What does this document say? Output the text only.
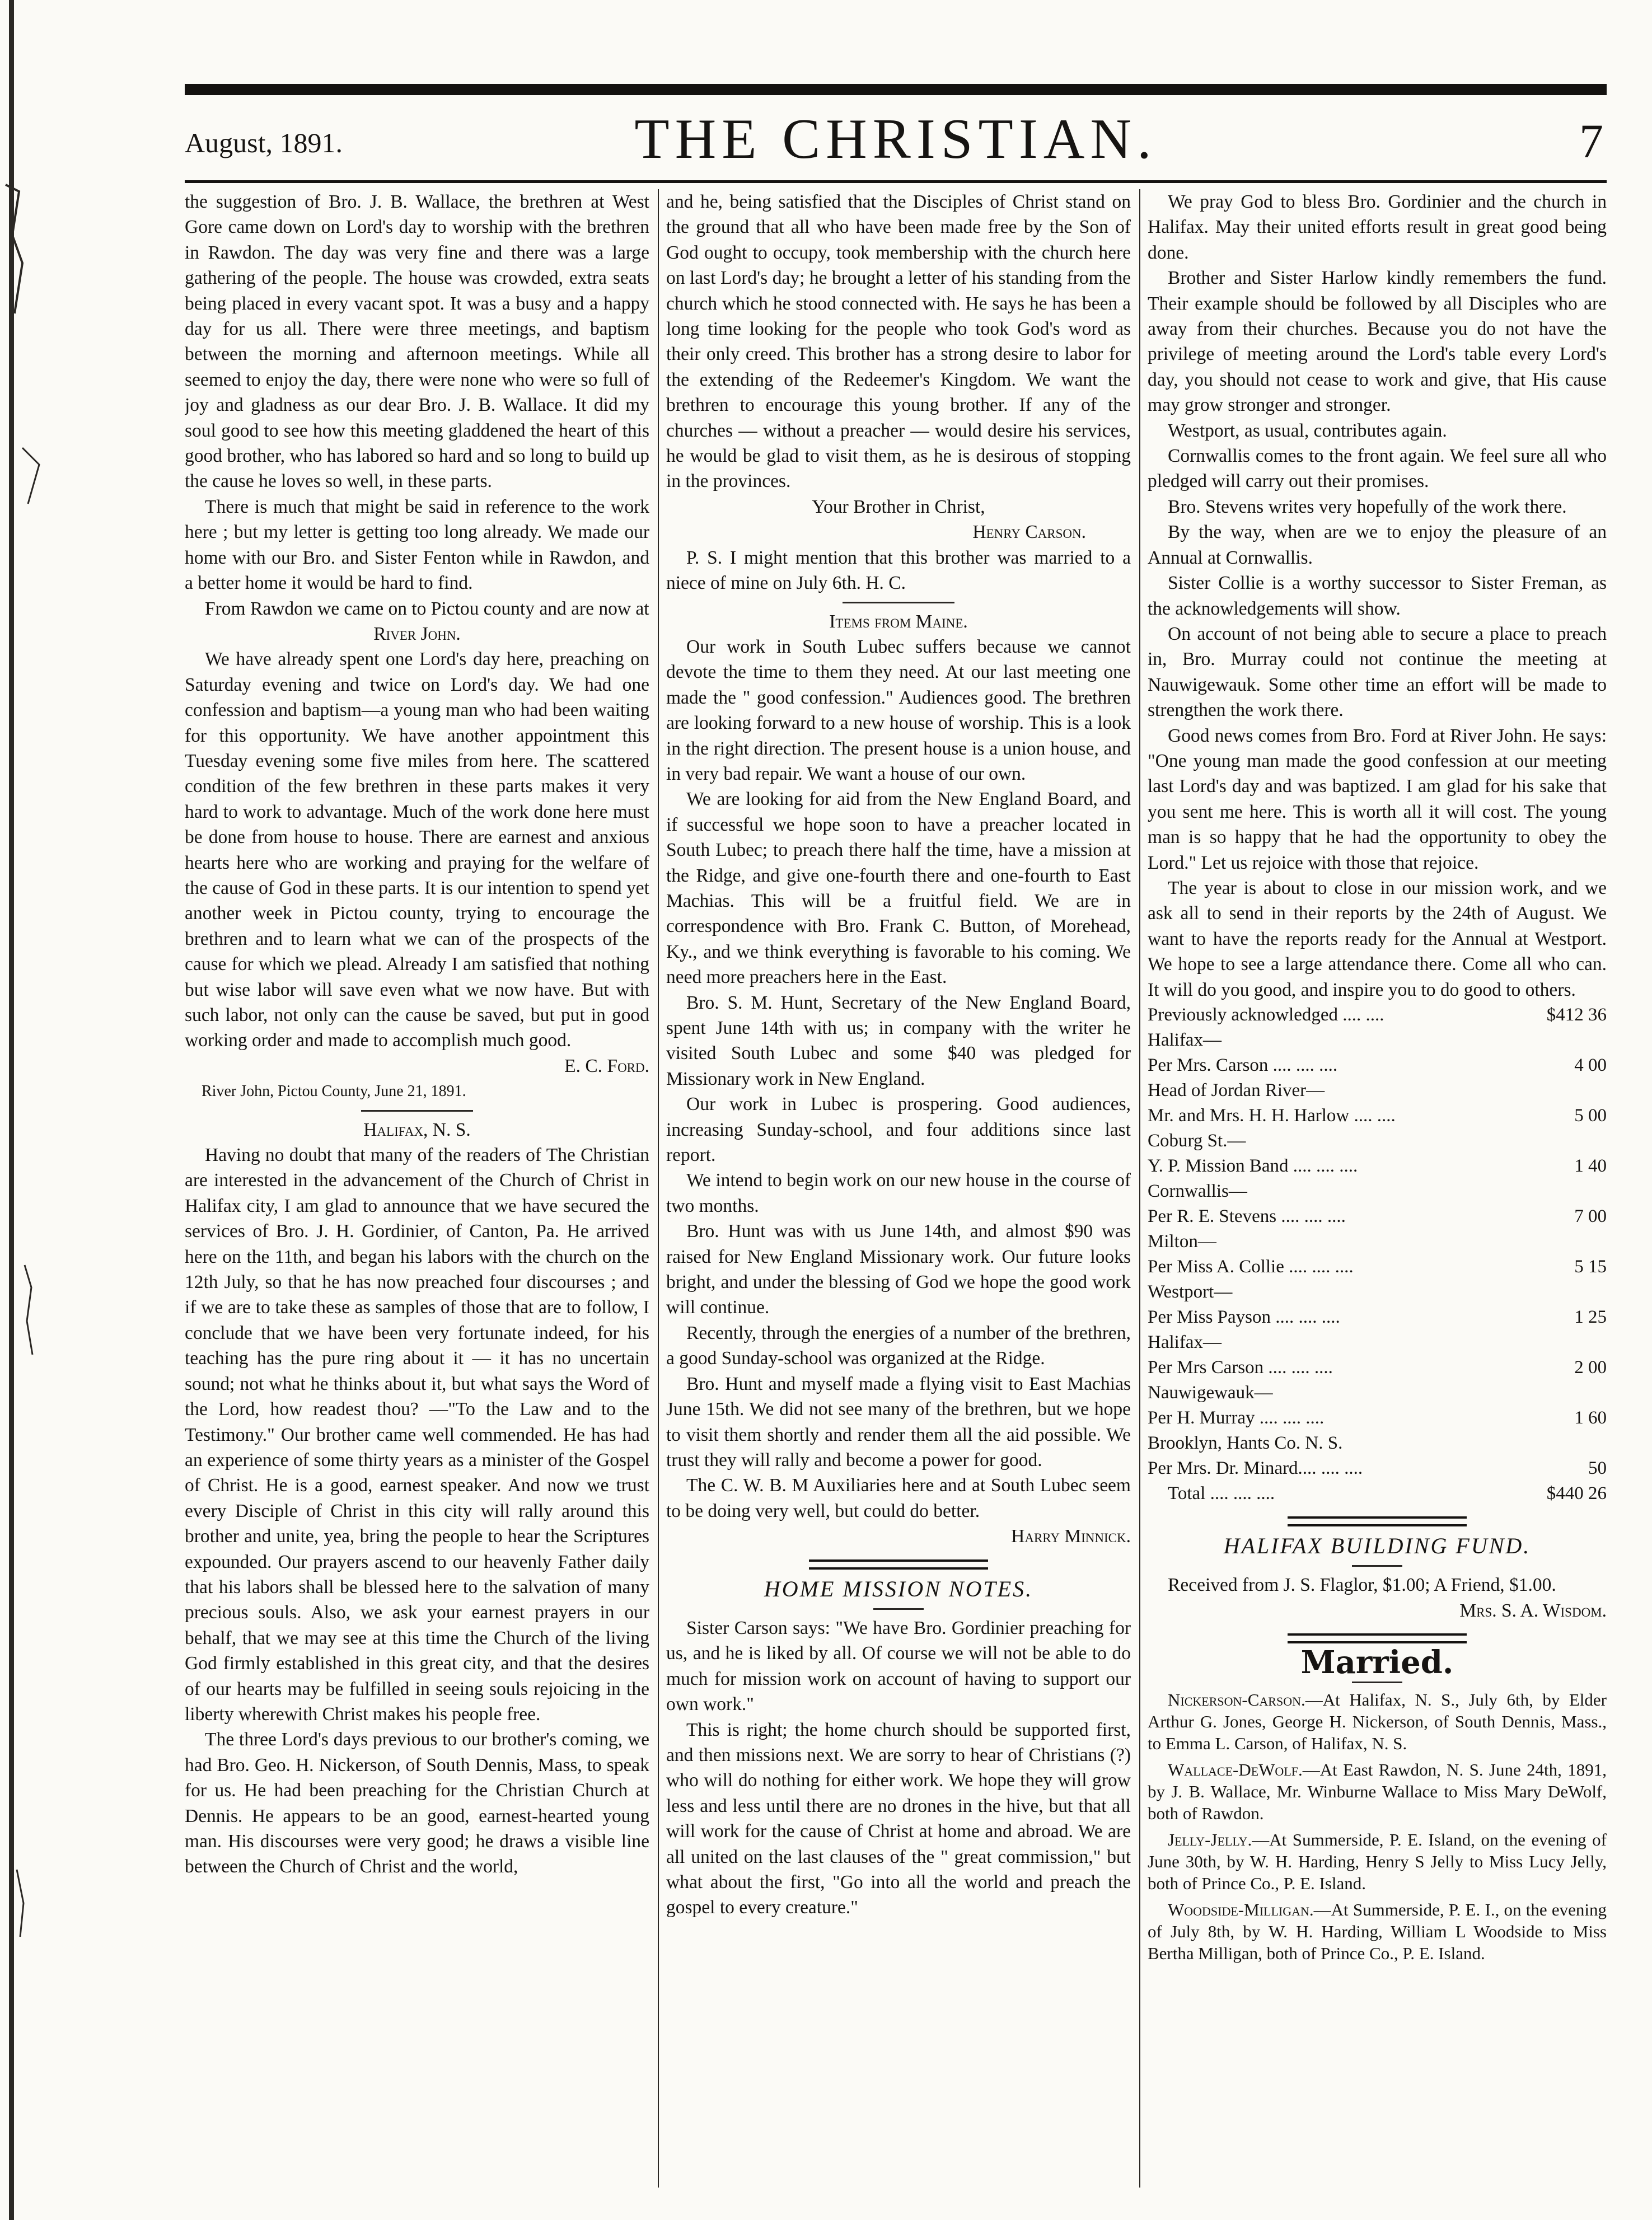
August, 1891.	THE CHRISTIAN.	7

the suggestion of Bro. J. B. Wallace, the brethren at West Gore came down on Lord's day to worship with the brethren in Rawdon. The day was very fine and there was a large gathering of the people. The house was crowded, extra seats being placed in every vacant spot. It was a busy and a happy day for us all. There were three meetings, and baptism between the morning and afternoon meetings. While all seemed to enjoy the day, there were none who were so full of joy and gladness as our dear Bro. J. B. Wallace. It did my soul good to see how this meeting gladdened the heart of this good brother, who has labored so hard and so long to build up the cause he loves so well, in these parts.

There is much that might be said in reference to the work here ; but my letter is getting too long already. We made our home with our Bro. and Sister Fenton while in Rawdon, and a better home it would be hard to find.

From Rawdon we came on to Pictou county and are now at

River John.

We have already spent one Lord's day here, preaching on Saturday evening and twice on Lord's day. We had one confession and baptism—a young man who had been waiting for this opportunity. We have another appointment this Tuesday evening some five miles from here. The scattered condition of the few brethren in these parts makes it very hard to work to advantage. Much of the work done here must be done from house to house. There are earnest and anxious hearts here who are working and praying for the welfare of the cause of God in these parts. It is our intention to spend yet another week in Pictou county, trying to encourage the brethren and to learn what we can of the prospects of the cause for which we plead. Already I am satisfied that nothing but wise labor will save even what we now have. But with such labor, not only can the cause be saved, but put in good working order and made to accomplish much good.

E. C. Ford.

River John, Pictou County, June 21, 1891.

Halifax, N. S.

Having no doubt that many of the readers of The Christian are interested in the advancement of the Church of Christ in Halifax city, I am glad to announce that we have secured the services of Bro. J. H. Gordinier, of Canton, Pa. He arrived here on the 11th, and began his labors with the church on the 12th July, so that he has now preached four discourses ; and if we are to take these as samples of those that are to follow, I conclude that we have been very fortunate indeed, for his teaching has the pure ring about it — it has no uncertain sound; not what he thinks about it, but what says the Word of the Lord, how readest thou? —"To the Law and to the Testimony." Our brother came well commended. He has had an experience of some thirty years as a minister of the Gospel of Christ. He is a good, earnest speaker. And now we trust every Disciple of Christ in this city will rally around this brother and unite, yea, bring the people to hear the Scriptures expounded. Our prayers ascend to our heavenly Father daily that his labors shall be blessed here to the salvation of many precious souls. Also, we ask your earnest prayers in our behalf, that we may see at this time the Church of the living God firmly established in this great city, and that the desires of our hearts may be fulfilled in seeing souls rejoicing in the liberty wherewith Christ makes his people free.

The three Lord's days previous to our brother's coming, we had Bro. Geo. H. Nickerson, of South Dennis, Mass, to speak for us. He had been preaching for the Christian Church at Dennis. He appears to be an good, earnest-hearted young man. His discourses were very good; he draws a visible line between the Church of Christ and the world,

and he, being satisfied that the Disciples of Christ stand on the ground that all who have been made free by the Son of God ought to occupy, took membership with the church here on last Lord's day; he brought a letter of his standing from the church which he stood connected with. He says he has been a long time looking for the people who took God's word as their only creed. This brother has a strong desire to labor for the extending of the Redeemer's Kingdom. We want the brethren to encourage this young brother. If any of the churches — without a preacher — would desire his services, he would be glad to visit them, as he is desirous of stopping in the provinces.

Your Brother in Christ,

Henry Carson.

P. S. I might mention that this brother was married to a niece of mine on July 6th. H. C.

Items from Maine.

Our work in South Lubec suffers because we cannot devote the time to them they need. At our last meeting one made the " good confession." Audiences good. The brethren are looking forward to a new house of worship. This is a look in the right direction. The present house is a union house, and in very bad repair. We want a house of our own.

We are looking for aid from the New England Board, and if successful we hope soon to have a preacher located in South Lubec; to preach there half the time, have a mission at the Ridge, and give one-fourth there and one-fourth to East Machias. This will be a fruitful field. We are in correspondence with Bro. Frank C. Button, of Morehead, Ky., and we think everything is favorable to his coming. We need more preachers here in the East.

Bro. S. M. Hunt, Secretary of the New England Board, spent June 14th with us; in company with the writer he visited South Lubec and some $40 was pledged for Missionary work in New England.

Our work in Lubec is prospering. Good audiences, increasing Sunday-school, and four additions since last report.

We intend to begin work on our new house in the course of two months.

Bro. Hunt was with us June 14th, and almost $90 was raised for New England Missionary work. Our future looks bright, and under the blessing of God we hope the good work will continue.

Recently, through the energies of a number of the brethren, a good Sunday-school was organized at the Ridge.

Bro. Hunt and myself made a flying visit to East Machias June 15th. We did not see many of the brethren, but we hope to visit them shortly and render them all the aid possible. We trust they will rally and become a power for good.

The C. W. B. M Auxiliaries here and at South Lubec seem to be doing very well, but could do better.

Harry Minnick.

HOME MISSION NOTES.

Sister Carson says: "We have Bro. Gordinier preaching for us, and he is liked by all. Of course we will not be able to do much for mission work on account of having to support our own work."

This is right; the home church should be supported first, and then missions next. We are sorry to hear of Christians (?) who will do nothing for either work. We hope they will grow less and less until there are no drones in the hive, but that all will work for the cause of Christ at home and abroad. We are all united on the last clauses of the " great commission," but what about the first, "Go into all the world and preach the gospel to every creature."

We pray God to bless Bro. Gordinier and the church in Halifax. May their united efforts result in great good being done.

Brother and Sister Harlow kindly remembers the fund. Their example should be followed by all Disciples who are away from their churches. Because you do not have the privilege of meeting around the Lord's table every Lord's day, you should not cease to work and give, that His cause may grow stronger and stronger.

Westport, as usual, contributes again.

Cornwallis comes to the front again. We feel sure all who pledged will carry out their promises.

Bro. Stevens writes very hopefully of the work there.

By the way, when are we to enjoy the pleasure of an Annual at Cornwallis.

Sister Collie is a worthy successor to Sister Freman, as the acknowledgements will show.

On account of not being able to secure a place to preach in, Bro. Murray could not continue the meeting at Nauwigewauk. Some other time an effort will be made to strengthen the work there.

Good news comes from Bro. Ford at River John. He says: "One young man made the good confession at our meeting last Lord's day and was baptized. I am glad for his sake that you sent me here. This is worth all it will cost. The young man is so happy that he had the opportunity to obey the Lord." Let us rejoice with those that rejoice.

The year is about to close in our mission work, and we ask all to send in their reports by the 24th of August. We want to have the reports ready for the Annual at Westport. We hope to see a large attendance there. Come all who can. It will do you good, and inspire you to do good to others.

Previously acknowledged .... ....	$412 36
Halifax—	
Per Mrs. Carson .... .... ....	4 00
Head of Jordan River—	
Mr. and Mrs. H. H. Harlow .... ....	5 00
Coburg St.—	
Y. P. Mission Band .... .... ....	1 40
Cornwallis—	
Per R. E. Stevens .... .... ....	7 00
Milton—	
Per Miss A. Collie .... .... ....	5 15
Westport—	
Per Miss Payson .... .... ....	1 25
Halifax—	
Per Mrs Carson .... .... ....	2 00
Nauwigewauk—	
Per H. Murray .... .... ....	1 60
Brooklyn, Hants Co. N. S.	
Per Mrs. Dr. Minard.... .... ....	50
Total .... .... ....	$440 26
HALIFAX BUILDING FUND.

Received from J. S. Flaglor, $1.00; A Friend, $1.00.

Mrs. S. A. Wisdom.

Married.

Nickerson-Carson.—At Halifax, N. S., July 6th, by Elder Arthur G. Jones, George H. Nickerson, of South Dennis, Mass., to Emma L. Carson, of Halifax, N. S.

Wallace-DeWolf.—At East Rawdon, N. S. June 24th, 1891, by J. B. Wallace, Mr. Winburne Wallace to Miss Mary DeWolf, both of Rawdon.

Jelly-Jelly.—At Summerside, P. E. Island, on the evening of June 30th, by W. H. Harding, Henry S Jelly to Miss Lucy Jelly, both of Prince Co., P. E. Island.

Woodside-Milligan.—At Summerside, P. E. I., on the evening of July 8th, by W. H. Harding, William L Woodside to Miss Bertha Milligan, both of Prince Co., P. E. Island.
